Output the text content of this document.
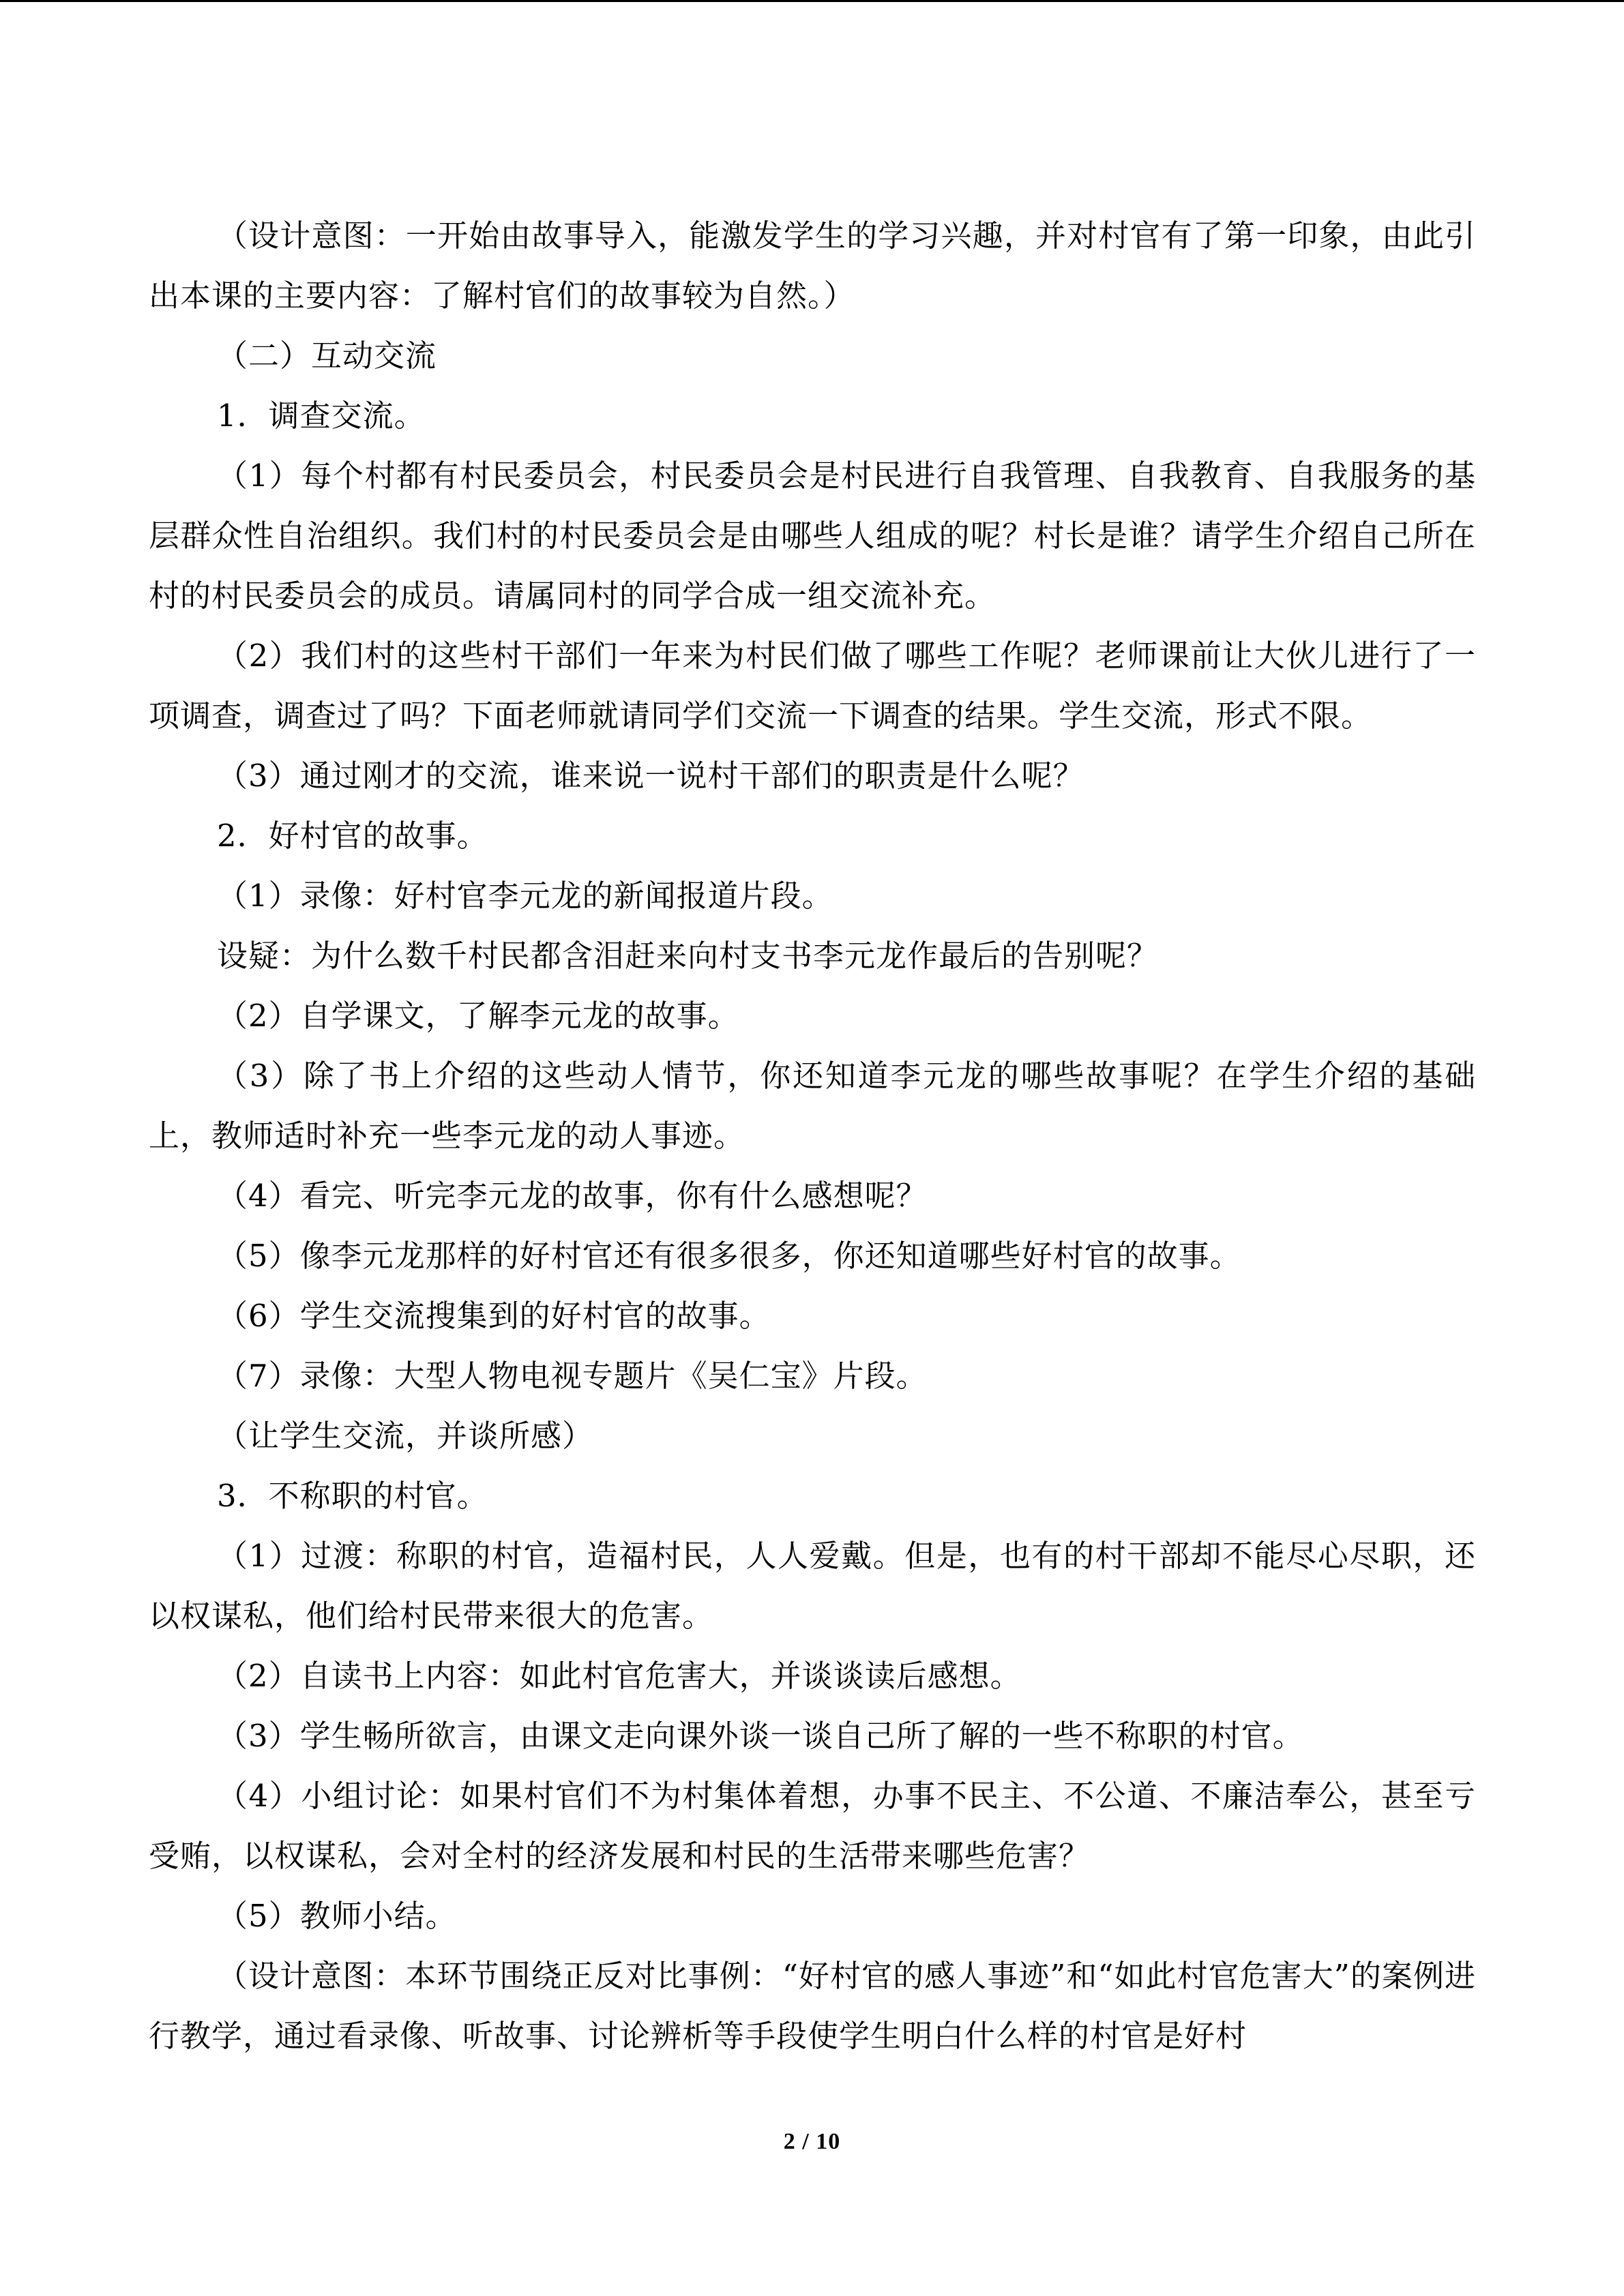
（设计意图：一开始由故事导入，能激发学生的学习兴趣，并对村官有了第一印象，由此引出本课的主要内容：了解村官们的故事较为自然。）

（二）互动交流

1．调查交流。

（1）每个村都有村民委员会，村民委员会是村民进行自我管理、自我教育、自我服务的基层群众性自治组织。我们村的村民委员会是由哪些人组成的呢？村长是谁？请学生介绍自己所在村的村民委员会的成员。请属同村的同学合成一组交流补充。

（2）我们村的这些村干部们一年来为村民们做了哪些工作呢？老师课前让大伙儿进行了一项调查，调查过了吗？下面老师就请同学们交流一下调查的结果。学生交流，形式不限。

（3）通过刚才的交流，谁来说一说村干部们的职责是什么呢？

2．好村官的故事。

（1）录像：好村官李元龙的新闻报道片段。

设疑：为什么数千村民都含泪赶来向村支书李元龙作最后的告别呢？

（2）自学课文，了解李元龙的故事。

（3）除了书上介绍的这些动人情节，你还知道李元龙的哪些故事呢？在学生介绍的基础上，教师适时补充一些李元龙的动人事迹。

（4）看完、听完李元龙的故事，你有什么感想呢？

（5）像李元龙那样的好村官还有很多很多，你还知道哪些好村官的故事。

（6）学生交流搜集到的好村官的故事。

（7）录像：大型人物电视专题片《吴仁宝》片段。

（让学生交流，并谈所感）

3．不称职的村官。

（1）过渡：称职的村官，造福村民，人人爱戴。但是，也有的村干部却不能尽心尽职，还以权谋私，他们给村民带来很大的危害。

（2）自读书上内容：如此村官危害大，并谈谈读后感想。

（3）学生畅所欲言，由课文走向课外谈一谈自己所了解的一些不称职的村官。

（4）小组讨论：如果村官们不为村集体着想，办事不民主、不公道、不廉洁奉公，甚至亏受贿，以权谋私，会对全村的经济发展和村民的生活带来哪些危害？

（5）教师小结。

（设计意图：本环节围绕正反对比事例：“好村官的感人事迹”和“如此村官危害大”的案例进行教学，通过看录像、听故事、讨论辨析等手段使学生明白什么样的村官是好村

2 / 10
